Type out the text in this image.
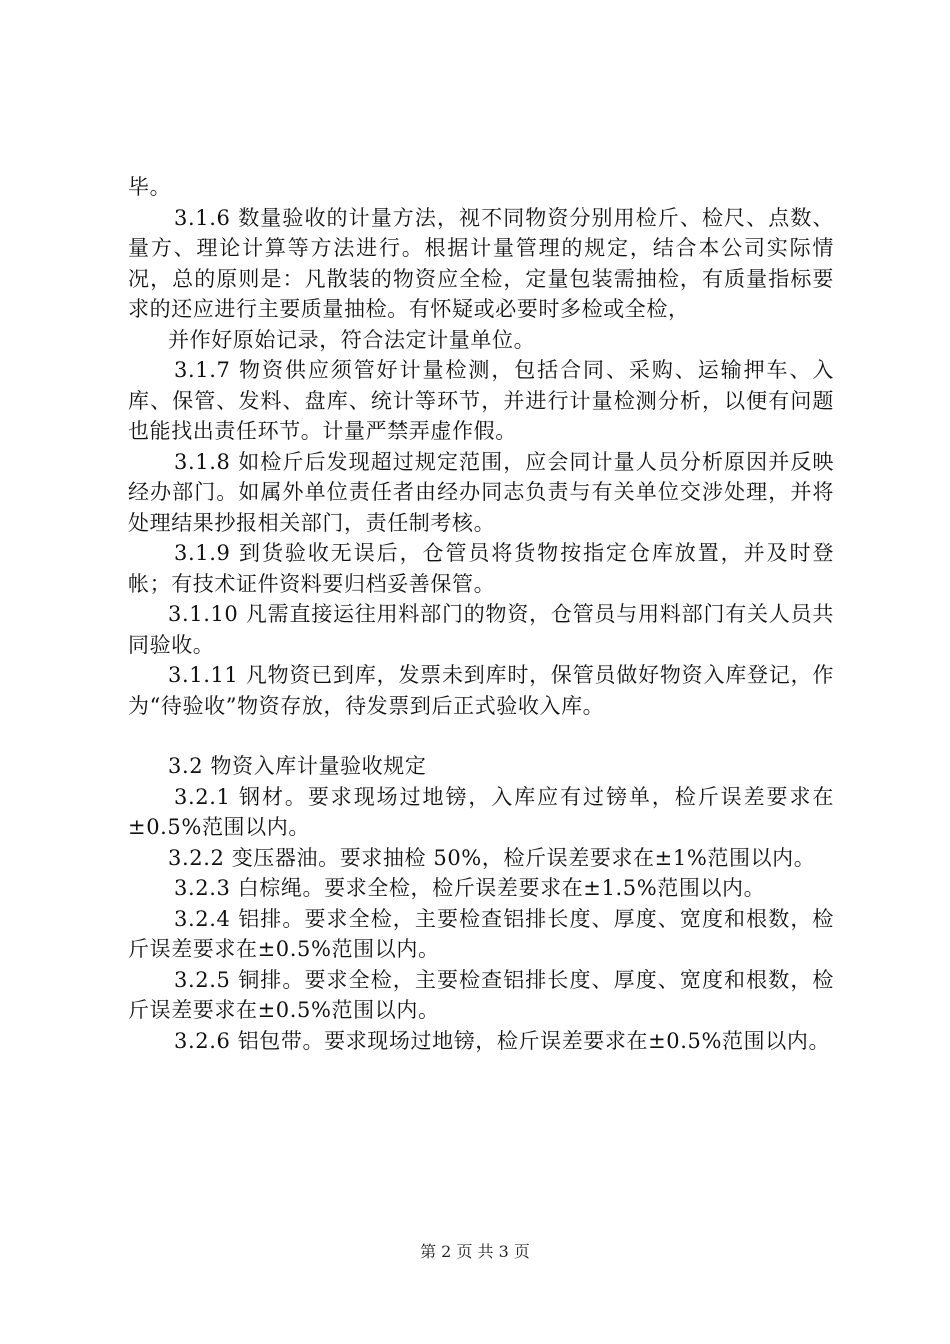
毕。

3.1.6 数量验收的计量方法，视不同物资分别用检斤、检尺、点数、量方、理论计算等方法进行。根据计量管理的规定，结合本公司实际情况，总的原则是：凡散装的物资应全检，定量包装需抽检，有质量指标要求的还应进行主要质量抽检。有怀疑或必要时多检或全检，

并作好原始记录，符合法定计量单位。

3.1.7 物资供应须管好计量检测，包括合同、采购、运输押车、入库、保管、发料、盘库、统计等环节，并进行计量检测分析，以便有问题也能找出责任环节。计量严禁弄虚作假。

3.1.8 如检斤后发现超过规定范围，应会同计量人员分析原因并反映经办部门。如属外单位责任者由经办同志负责与有关单位交涉处理，并将处理结果抄报相关部门，责任制考核。

3.1.9 到货验收无误后，仓管员将货物按指定仓库放置，并及时登帐；有技术证件资料要归档妥善保管。

3.1.10 凡需直接运往用料部门的物资，仓管员与用料部门有关人员共同验收。

3.1.11 凡物资已到库，发票未到库时，保管员做好物资入库登记，作为“待验收”物资存放，待发票到后正式验收入库。

3.2 物资入库计量验收规定

3.2.1 钢材。要求现场过地镑，入库应有过镑单，检斤误差要求在±0.5%范围以内。

3.2.2 变压器油。要求抽检 50%，检斤误差要求在±1%范围以内。

3.2.3 白棕绳。要求全检，检斤误差要求在±1.5%范围以内。

3.2.4 铝排。要求全检，主要检查铝排长度、厚度、宽度和根数，检斤误差要求在±0.5%范围以内。

3.2.5 铜排。要求全检，主要检查铝排长度、厚度、宽度和根数，检斤误差要求在±0.5%范围以内。

3.2.6 铝包带。要求现场过地镑，检斤误差要求在±0.5%范围以内。

第 2 页 共 3 页
